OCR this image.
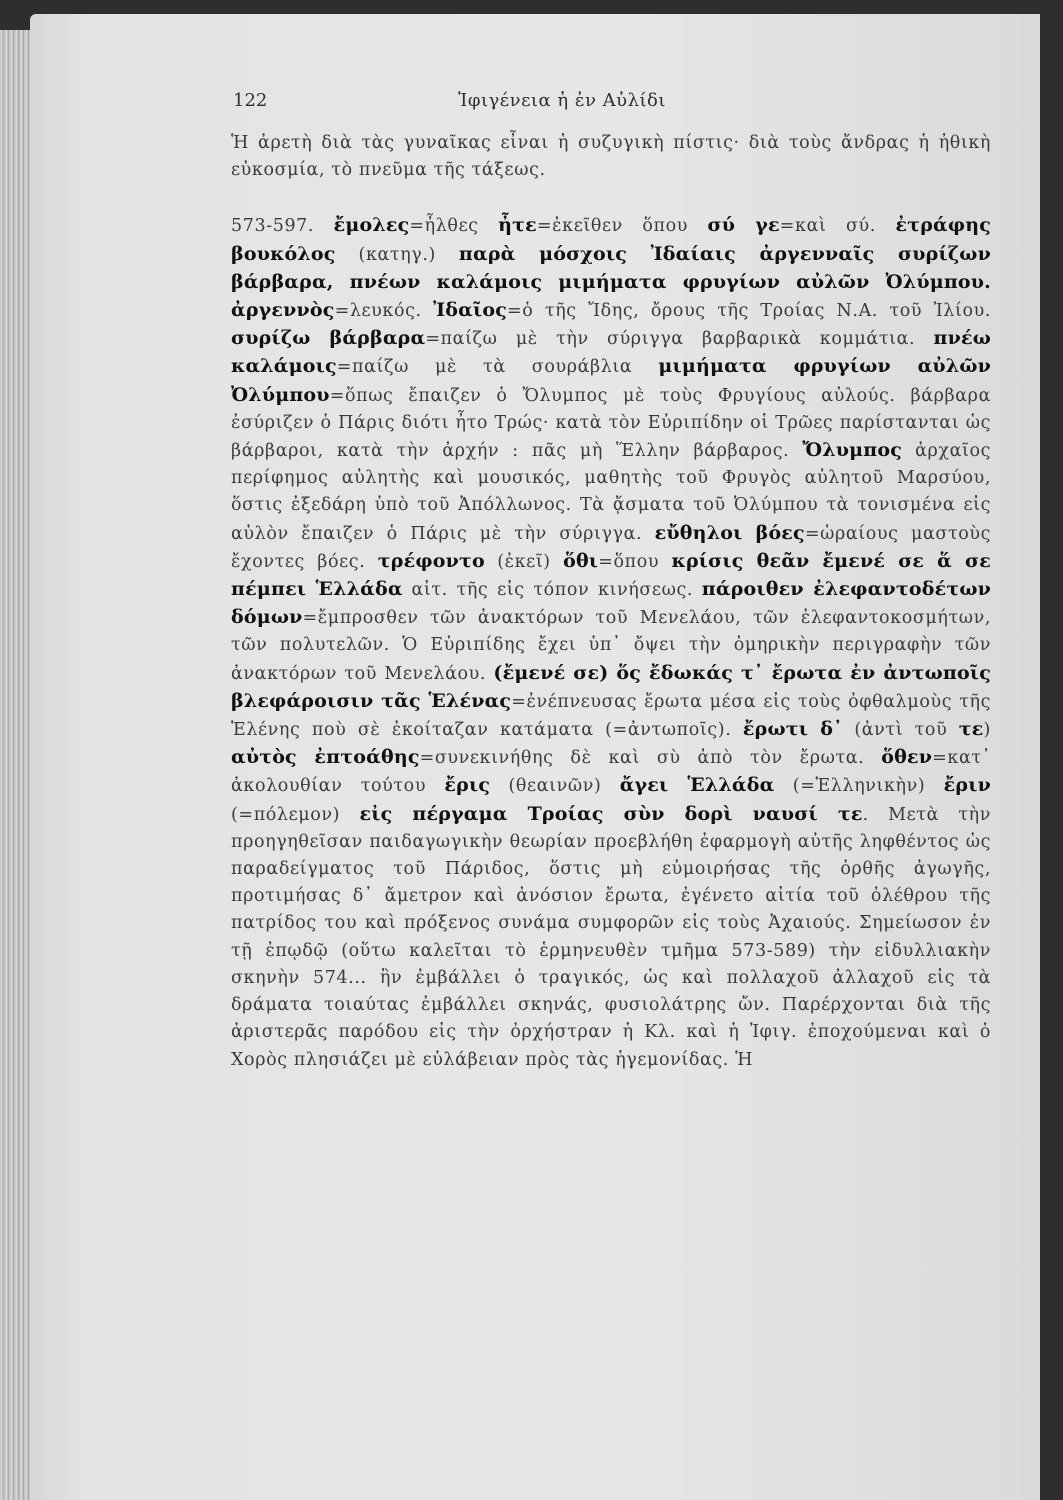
122	Ἰφιγένεια ἡ ἐν Αὐλίδι

Ἡ ἀρετὴ διὰ τὰς γυναῖκας εἶναι ἡ συζυγικὴ πίστις· διὰ τοὺς ἄνδρας ἡ ἠθικὴ εὐκοσμία, τὸ πνεῦμα τῆς τάξεως.

573-597. ἔμολες=ἦλθες ἦτε=ἐκεῖθεν ὅπου σύ γε=καὶ σύ. ἐτράφης βουκόλος (κατηγ.) παρὰ μόσχοις Ἰδαίαις ἀργενναῖς συρίζων βάρβαρα, πνέων καλάμοις μιμήματα φρυγίων αὐλῶν Ὀλύμπου. ἀργεννὸς=λευκός. Ἰδαῖος=ὁ τῆς Ἴδης, ὄρους τῆς Τροίας Ν.Α. τοῦ Ἰλίου. συρίζω βάρβαρα=παίζω μὲ τὴν σύριγγα βαρβαρικὰ κομμάτια. πνέω καλάμοις=παίζω μὲ τὰ σουράβλια μιμήματα φρυγίων αὐλῶν Ὀλύμπου=ὅπως ἔπαιζεν ὁ Ὄλυμπος μὲ τοὺς Φρυγίους αὐλούς. βάρβαρα ἐσύριζεν ὁ Πάρις διότι ἦτο Τρώς· κατὰ τὸν Εὐριπίδην οἱ Τρῶες παρίστανται ὡς βάρβαροι, κατὰ τὴν ἀρχήν : πᾶς μὴ Ἕλλην βάρβαρος. Ὄλυμπος ἀρχαῖος περίφημος αὐλητὴς καὶ μουσικός, μαθητὴς τοῦ Φρυγὸς αὐλητοῦ Μαρσύου, ὅστις ἐξεδάρη ὑπὸ τοῦ Ἀπόλλωνος. Τὰ ᾄσματα τοῦ Ὀλύμπου τὰ τονισμένα εἰς αὐλὸν ἔπαιζεν ὁ Πάρις μὲ τὴν σύριγγα. εὔθηλοι βόες=ὡραίους μαστοὺς ἔχοντες βόες. τρέφοντο (ἐκεῖ) ὅθι=ὅπου κρίσις θεᾶν ἔμενέ σε ἅ σε πέμπει Ἑλλάδα αἰτ. τῆς εἰς τόπον κινήσεως. πάροιθεν ἐλεφαντοδέτων δόμων=ἔμπροσθεν τῶν ἀνακτόρων τοῦ Μενελάου, τῶν ἐλεφαντοκοσμήτων, τῶν πολυτελῶν. Ὁ Εὐριπίδης ἔχει ὑπ᾽ ὄψει τὴν ὁμηρικὴν περιγραφὴν τῶν ἀνακτόρων τοῦ Μενελάου. (ἔμενέ σε) ὅς ἔδωκάς τ᾽ ἔρωτα ἐν ἀντωποῖς βλεφάροισιν τᾶς Ἑλένας=ἐνέπνευσας ἔρωτα μέσα εἰς τοὺς ὀφθαλμοὺς τῆς Ἑλένης ποὺ σὲ ἐκοίταζαν κατάματα (=ἀντωποῖς). ἔρωτι δ᾽ (ἀντὶ τοῦ τε) αὐτὸς ἐπτοάθης=συνεκινήθης δὲ καὶ σὺ ἀπὸ τὸν ἔρωτα. ὅθεν=κατ᾽ ἀκολουθίαν τούτου ἔρις (θεαινῶν) ἄγει Ἑλλάδα (=Ἑλληνικὴν) ἔριν (=πόλεμον) εἰς πέργαμα Τροίας σὺν δορὶ ναυσί τε. Μετὰ τὴν προηγηθεῖσαν παιδαγωγικὴν θεωρίαν προεβλήθη ἐφαρμογὴ αὐτῆς ληφθέντος ὡς παραδείγματος τοῦ Πάριδος, ὅστις μὴ εὐμοιρήσας τῆς ὀρθῆς ἀγωγῆς, προτιμήσας δ᾽ ἄμετρον καὶ ἀνόσιον ἔρωτα, ἐγένετο αἰτία τοῦ ὀλέθρου τῆς πατρίδος του καὶ πρόξενος συνάμα συμφορῶν εἰς τοὺς Ἀχαιούς. Σημείωσον ἐν τῇ ἐπῳδῷ (οὕτω καλεῖται τὸ ἑρμηνευθὲν τμῆμα 573-589) τὴν εἰδυλλιακὴν σκηνὴν 574... ἣν ἐμβάλλει ὁ τραγικός, ὡς καὶ πολλαχοῦ ἀλλαχοῦ εἰς τὰ δράματα τοιαύτας ἐμβάλλει σκηνάς, φυσιολάτρης ὤν. Παρέρχονται διὰ τῆς ἀριστερᾶς παρόδου εἰς τὴν ὀρχήστραν ἡ Κλ. καὶ ἡ Ἰφιγ. ἐποχούμεναι καὶ ὁ Χορὸς πλησιάζει μὲ εὐλάβειαν πρὸς τὰς ἡγεμονίδας. Ἡ
